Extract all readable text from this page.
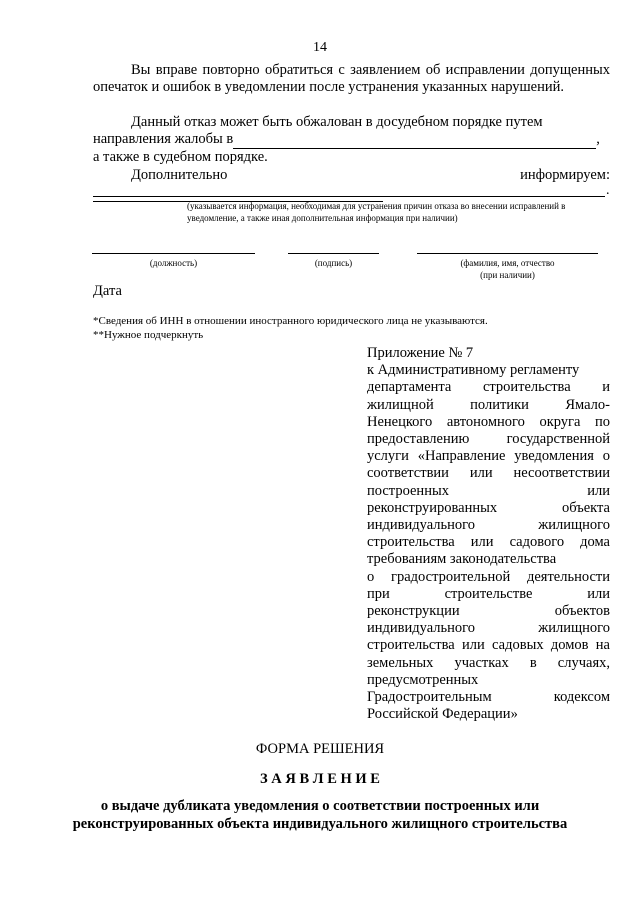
14
Вы вправе повторно обратиться с заявлением об исправлении допущенных опечаток и ошибок в уведомлении после устранения указанных нарушений.
Данный отказ может быть обжалован в досудебном порядке путем
направления жалобы в	,
а также в судебном порядке.
Дополнительно информируем:
.
(указывается информация, необходимая для устранения причин отказа во внесении исправлений в уведомление, а также иная дополнительная информация при наличии)
(должность)	(подпись)	(фамилия, имя, отчество
(при наличии)
Дата
*Сведения об ИНН в отношении иностранного юридического лица не указываются.
**Нужное подчеркнуть
Приложение № 7
к Административному регламенту
департамента строительства и
жилищной политики Ямало-
Ненецкого автономного округа по
предоставлению государственной
услуги «Направление уведомления о
соответствии или несоответствии
построенных или
реконструированных объекта
индивидуального жилищного
строительства или садового дома
требованиям законодательства
о градостроительной деятельности
при строительстве или
реконструкции объектов
индивидуального жилищного
строительства или садовых домов на
земельных участках в случаях,
предусмотренных
Градостроительным кодексом
Российской Федерации»
ФОРМА РЕШЕНИЯ
З А Я В Л Е Н И Е
о выдаче дубликата уведомления о соответствии построенных или
реконструированных объекта индивидуального жилищного строительства
